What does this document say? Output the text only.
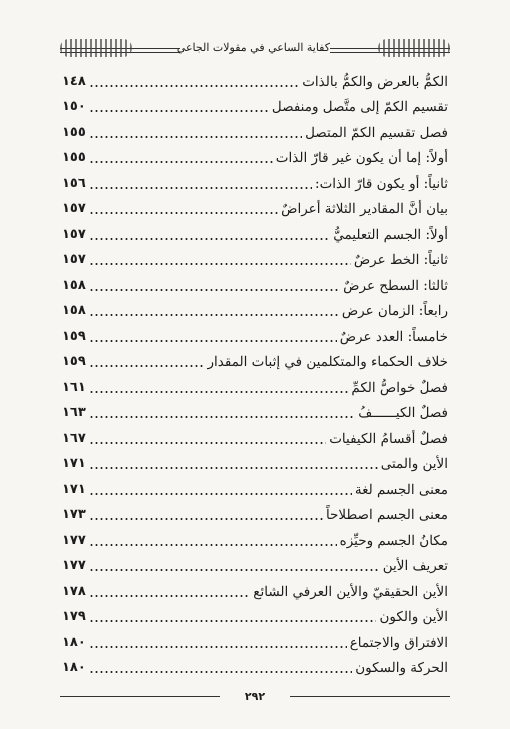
كفاية الساعي في مقولات الجاعي
الكمُّ بالعرض والكمُّ بالذات
١٤٨
تقسيم الكمّ إلى متَّصل ومنفصل
١٥٠
فصل تقسيم الكمّ المتصل
١٥٥
أولاً: إما أن يكون غير قارّ الذات
١٥٥
ثانياً: أو يكون قارّ الذات:
١٥٦
بيان أنَّ المقادير الثلاثة أعراضٌ
١٥٧
أولاً: الجسم التعليميُّ
١٥٧
ثانياً: الخط عرضٌ
١٥٧
ثالثا: السطح عرضٌ
١٥٨
رابعاً: الزمان عرض
١٥٨
خامساً: العدد عرضٌ
١٥٩
خلاف الحكماء والمتكلمين في إثبات المقدار
١٥٩
فصلٌ خواصُّ الكمِّ
١٦١
فصلٌ الكيــــــفُ
١٦٣
فصلٌ أقسامُ الكيفيات
١٦٧
الأين والمتى
١٧١
معنى الجسم لغة
١٧١
معنى الجسم اصطلاحاً
١٧٣
مكانُ الجسم وحيِّزه
١٧٧
تعريف الأين
١٧٧
الأين الحقيقيّ والأين العرفي الشائع
١٧٨
الأين والكون
١٧٩
الافتراق والاجتماع
١٨٠
الحركة والسكون
١٨٠
٢٩٢
